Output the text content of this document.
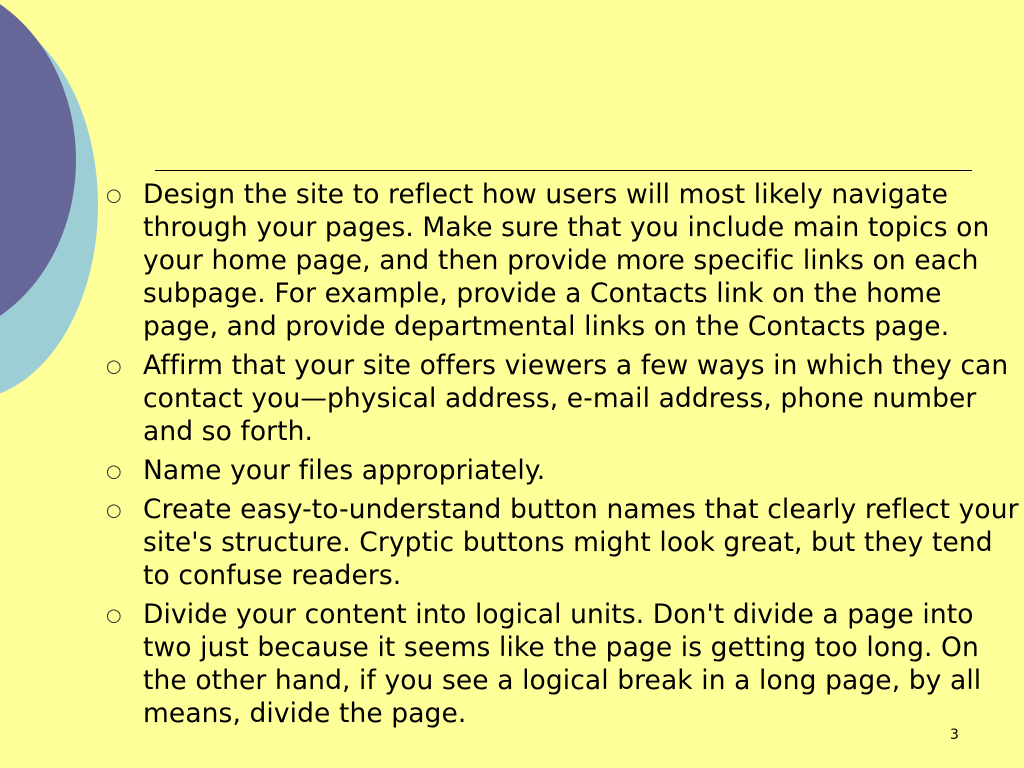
○ Design the site to reflect how users will most likely navigate through your pages. Make sure that you include main topics on your home page, and then provide more specific links on each subpage. For example, provide a Contacts link on the home page, and provide departmental links on the Contacts page.
○ Affirm that your site offers viewers a few ways in which they can contact you—physical address, e-mail address, phone number and so forth.
○ Name your files appropriately.
○ Create easy-to-understand button names that clearly reflect your site's structure. Cryptic buttons might look great, but they tend to confuse readers.
○ Divide your content into logical units. Don't divide a page into two just because it seems like the page is getting too long. On the other hand, if you see a logical break in a long page, by all means, divide the page.
3
